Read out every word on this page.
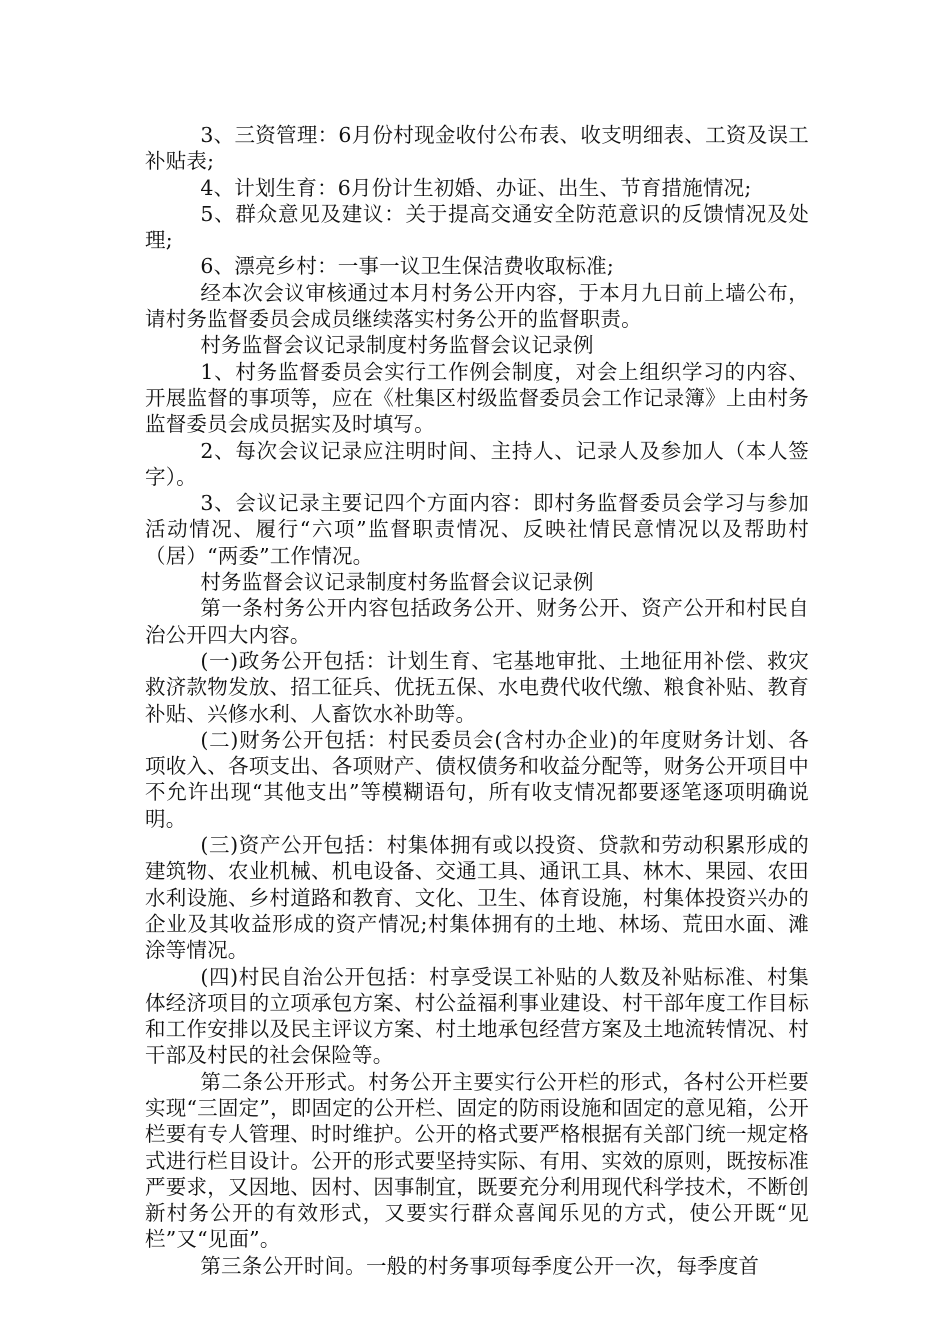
3、三资管理：6月份村现金收付公布表、收支明细表、工资及误工补贴表;

4、计划生育：6月份计生初婚、办证、出生、节育措施情况;

5、群众意见及建议：关于提高交通安全防范意识的反馈情况及处理;

6、漂亮乡村：一事一议卫生保洁费收取标准;

经本次会议审核通过本月村务公开内容，于本月九日前上墙公布，请村务监督委员会成员继续落实村务公开的监督职责。

村务监督会议记录制度村务监督会议记录例

1、村务监督委员会实行工作例会制度，对会上组织学习的内容、开展监督的事项等，应在《杜集区村级监督委员会工作记录簿》上由村务监督委员会成员据实及时填写。

2、每次会议记录应注明时间、主持人、记录人及参加人（本人签字）。

3、会议记录主要记四个方面内容：即村务监督委员会学习与参加活动情况、履行“六项”监督职责情况、反映社情民意情况以及帮助村（居）“两委”工作情况。

村务监督会议记录制度村务监督会议记录例

第一条村务公开内容包括政务公开、财务公开、资产公开和村民自治公开四大内容。

(一)政务公开包括：计划生育、宅基地审批、土地征用补偿、救灾救济款物发放、招工征兵、优抚五保、水电费代收代缴、粮食补贴、教育补贴、兴修水利、人畜饮水补助等。

(二)财务公开包括：村民委员会(含村办企业)的年度财务计划、各项收入、各项支出、各项财产、债权债务和收益分配等，财务公开项目中不允许出现“其他支出”等模糊语句，所有收支情况都要逐笔逐项明确说明。

(三)资产公开包括：村集体拥有或以投资、贷款和劳动积累形成的建筑物、农业机械、机电设备、交通工具、通讯工具、林木、果园、农田水利设施、乡村道路和教育、文化、卫生、体育设施，村集体投资兴办的企业及其收益形成的资产情况;村集体拥有的土地、林场、荒田水面、滩涂等情况。

(四)村民自治公开包括：村享受误工补贴的人数及补贴标准、村集体经济项目的立项承包方案、村公益福利事业建设、村干部年度工作目标和工作安排以及民主评议方案、村土地承包经营方案及土地流转情况、村干部及村民的社会保险等。

第二条公开形式。村务公开主要实行公开栏的形式，各村公开栏要实现“三固定”，即固定的公开栏、固定的防雨设施和固定的意见箱，公开栏要有专人管理、时时维护。公开的格式要严格根据有关部门统一规定格式进行栏目设计。公开的形式要坚持实际、有用、实效的原则，既按标准严要求，又因地、因村、因事制宜，既要充分利用现代科学技术，不断创新村务公开的有效形式，又要实行群众喜闻乐见的方式，使公开既“见栏”又“见面”。

第三条公开时间。一般的村务事项每季度公开一次，每季度首
